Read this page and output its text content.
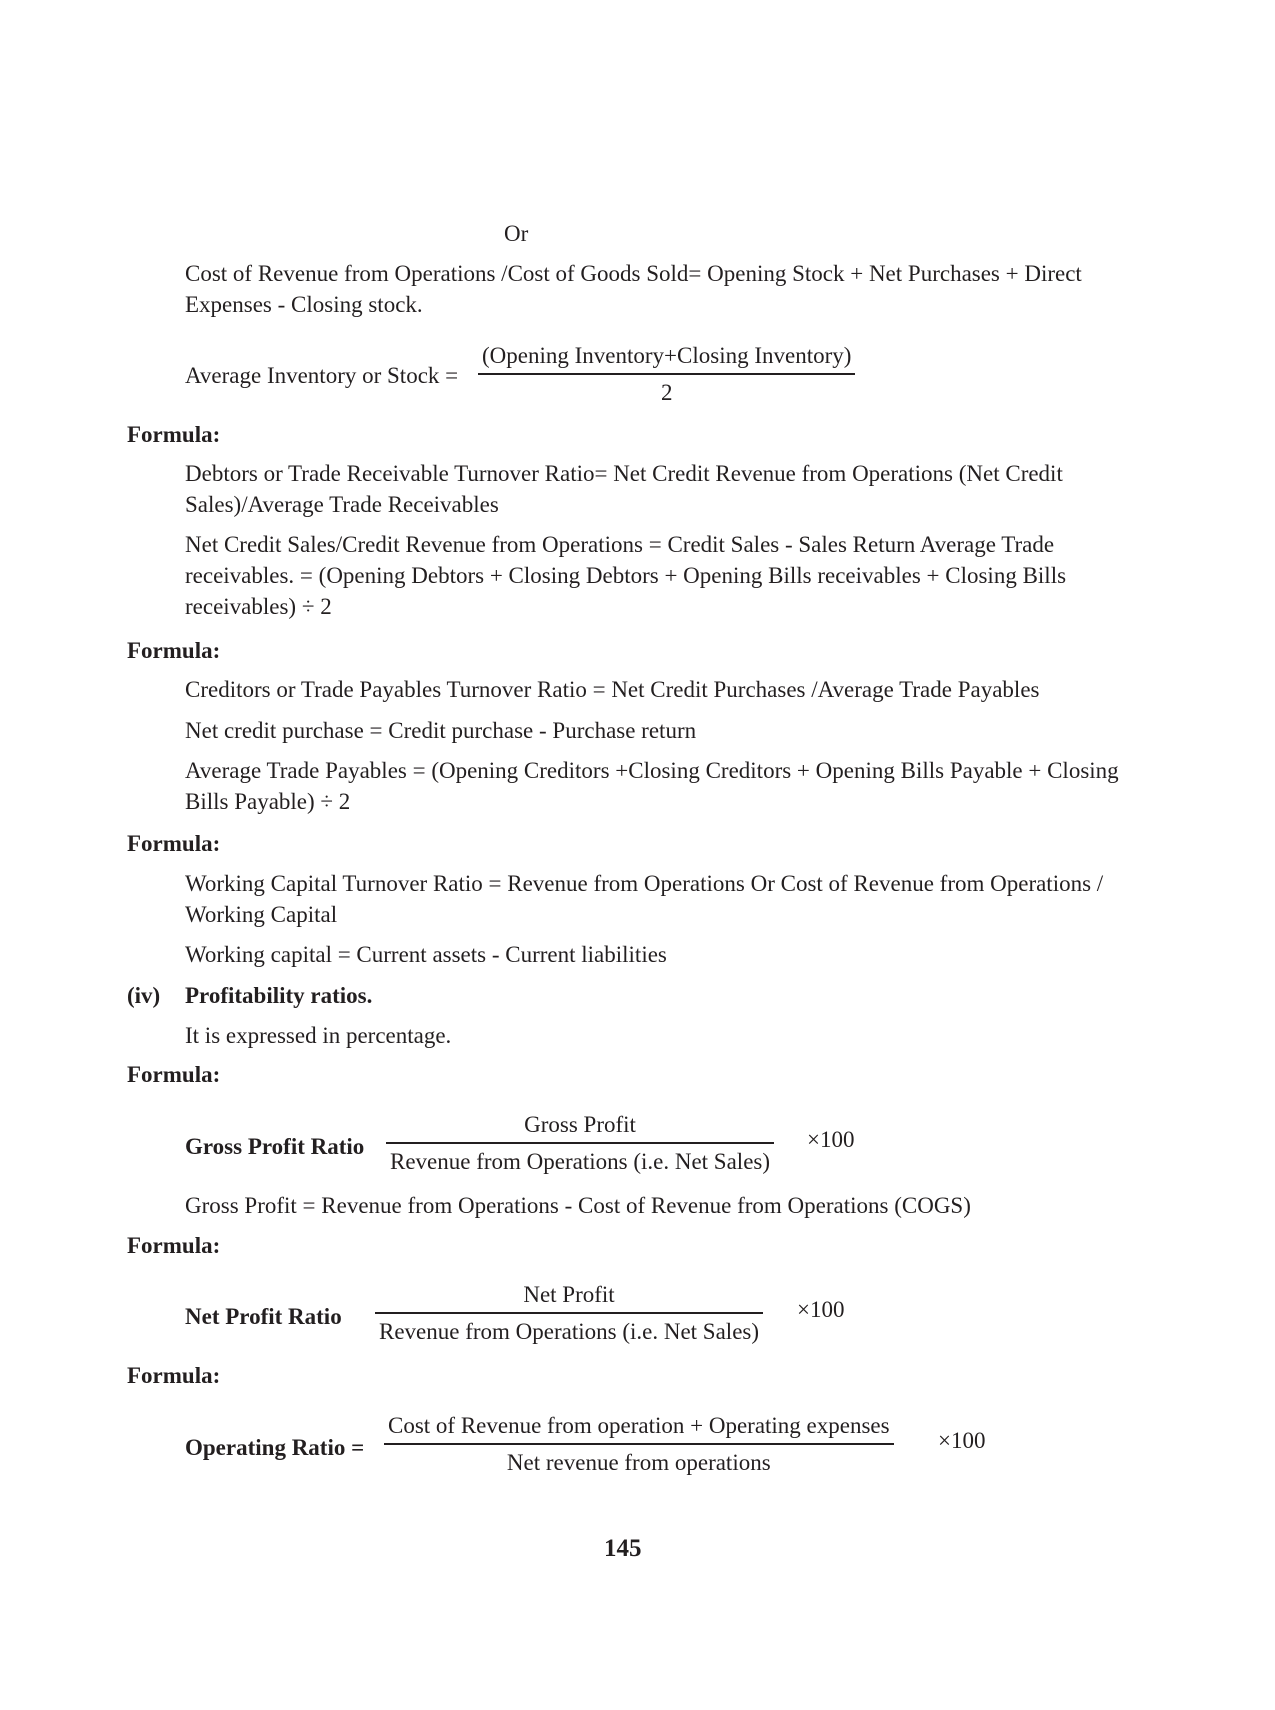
Or
Cost of Revenue from Operations /Cost of Goods Sold= Opening Stock + Net Purchases + Direct Expenses - Closing stock.
Average Inventory or Stock =
(Opening Inventory+Closing Inventory)
2
Formula:
Debtors or Trade Receivable Turnover Ratio= Net Credit Revenue from Operations (Net Credit Sales)/Average Trade Receivables
Net Credit Sales/Credit Revenue from Operations = Credit Sales - Sales Return Average Trade receivables. = (Opening Debtors + Closing Debtors + Opening Bills receivables + Closing Bills receivables) ÷ 2
Formula:
Creditors or Trade Payables Turnover Ratio = Net Credit Purchases /Average Trade Payables
Net credit purchase = Credit purchase - Purchase return
Average Trade Payables = (Opening Creditors +Closing Creditors + Opening Bills Payable + Closing Bills Payable) ÷ 2
Formula:
Working Capital Turnover Ratio = Revenue from Operations Or Cost of Revenue from Operations / Working Capital
Working capital = Current assets - Current liabilities
(iv) Profitability ratios.
It is expressed in percentage.
Formula:
Gross Profit Ratio
Gross Profit
Revenue from Operations (i.e. Net Sales)
×100
Gross Profit = Revenue from Operations - Cost of Revenue from Operations (COGS)
Formula:
Net Profit Ratio
Net Profit
Revenue from Operations (i.e. Net Sales)
×100
Formula:
Operating Ratio =
Cost of Revenue from operation + Operating expenses
Net revenue from operations
×100
145
